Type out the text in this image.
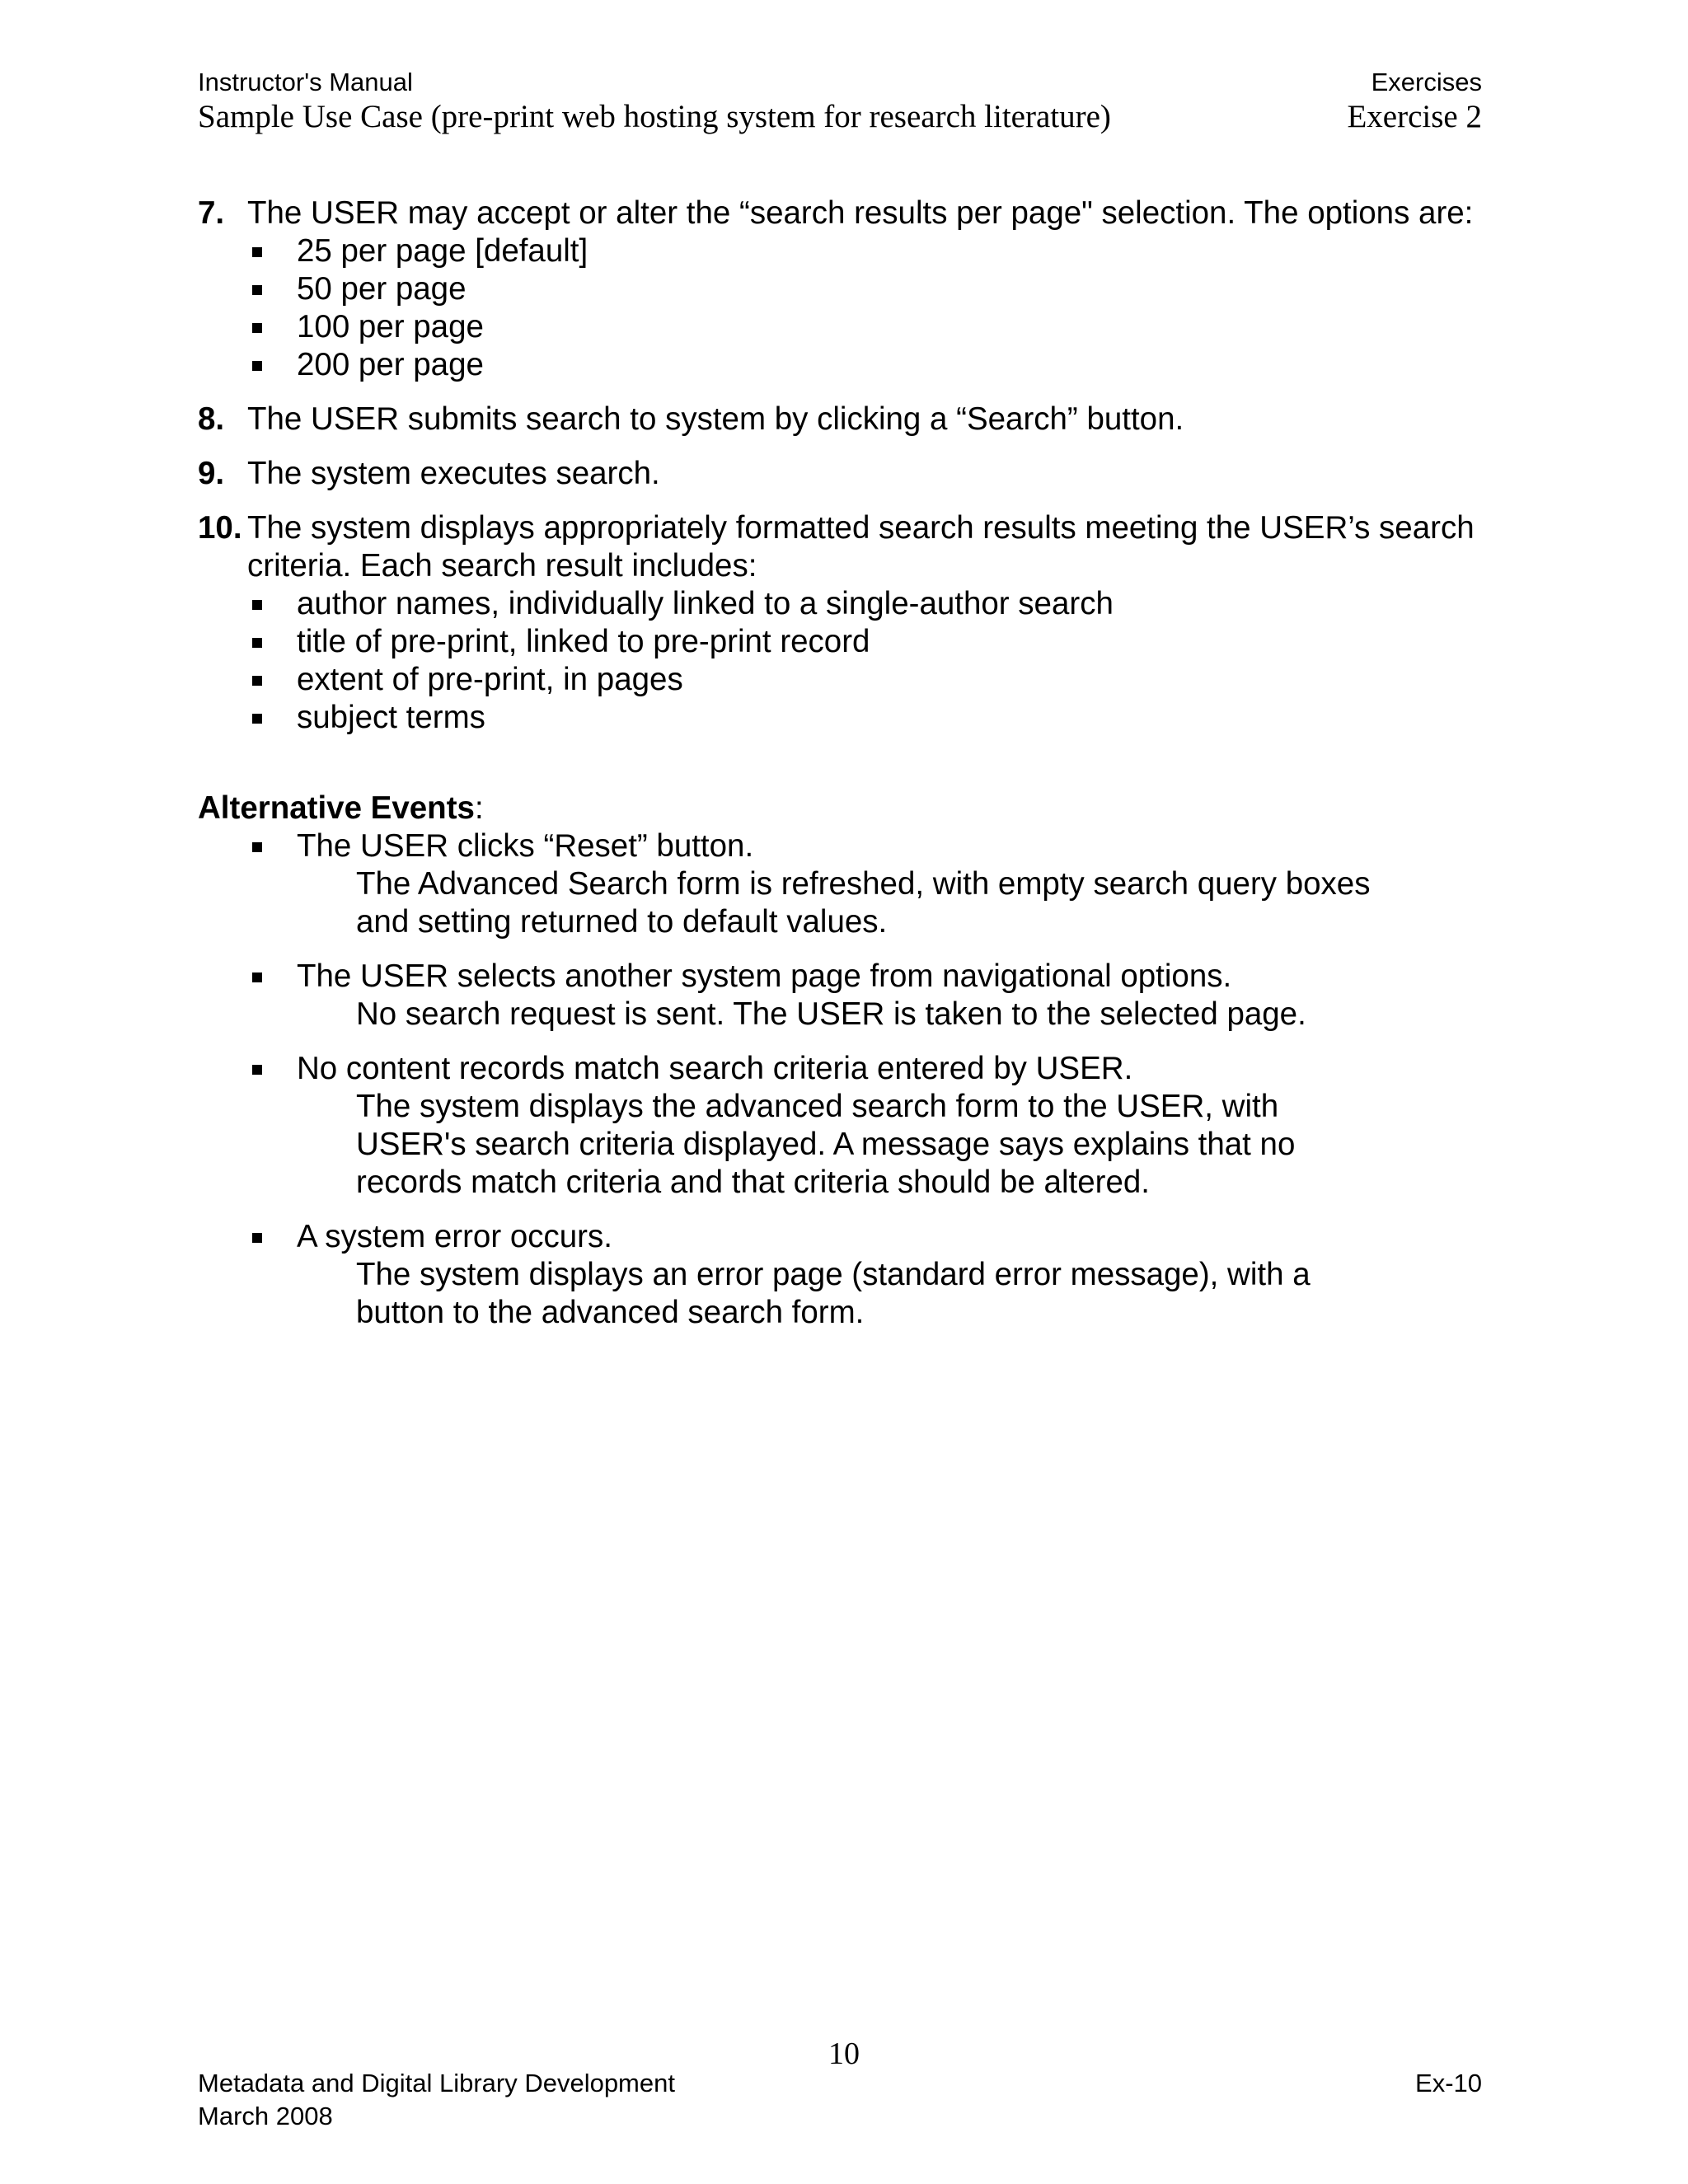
Instructor's Manual
Sample Use Case (pre-print web hosting system for research literature)
Exercises
Exercise 2
7. The USER may accept or alter the “search results per page" selection. The options are:
25 per page [default]
50 per page
100 per page
200 per page
8. The USER submits search to system by clicking a “Search” button.
9. The system executes search.
10. The system displays appropriately formatted search results meeting the USER’s search criteria. Each search result includes:
author names, individually linked to a single-author search
title of pre-print, linked to pre-print record
extent of pre-print, in pages
subject terms
Alternative Events:
The USER clicks “Reset” button.
The Advanced Search form is refreshed, with empty search query boxes and setting returned to default values.
The USER selects another system page from navigational options.
No search request is sent. The USER is taken to the selected page.
No content records match search criteria entered by USER.
The system displays the advanced search form to the USER, with USER's search criteria displayed. A message says explains that no records match criteria and that criteria should be altered.
A system error occurs.
The system displays an error page (standard error message), with a button to the advanced search form.
10
Metadata and Digital Library Development
March 2008
Ex-10
